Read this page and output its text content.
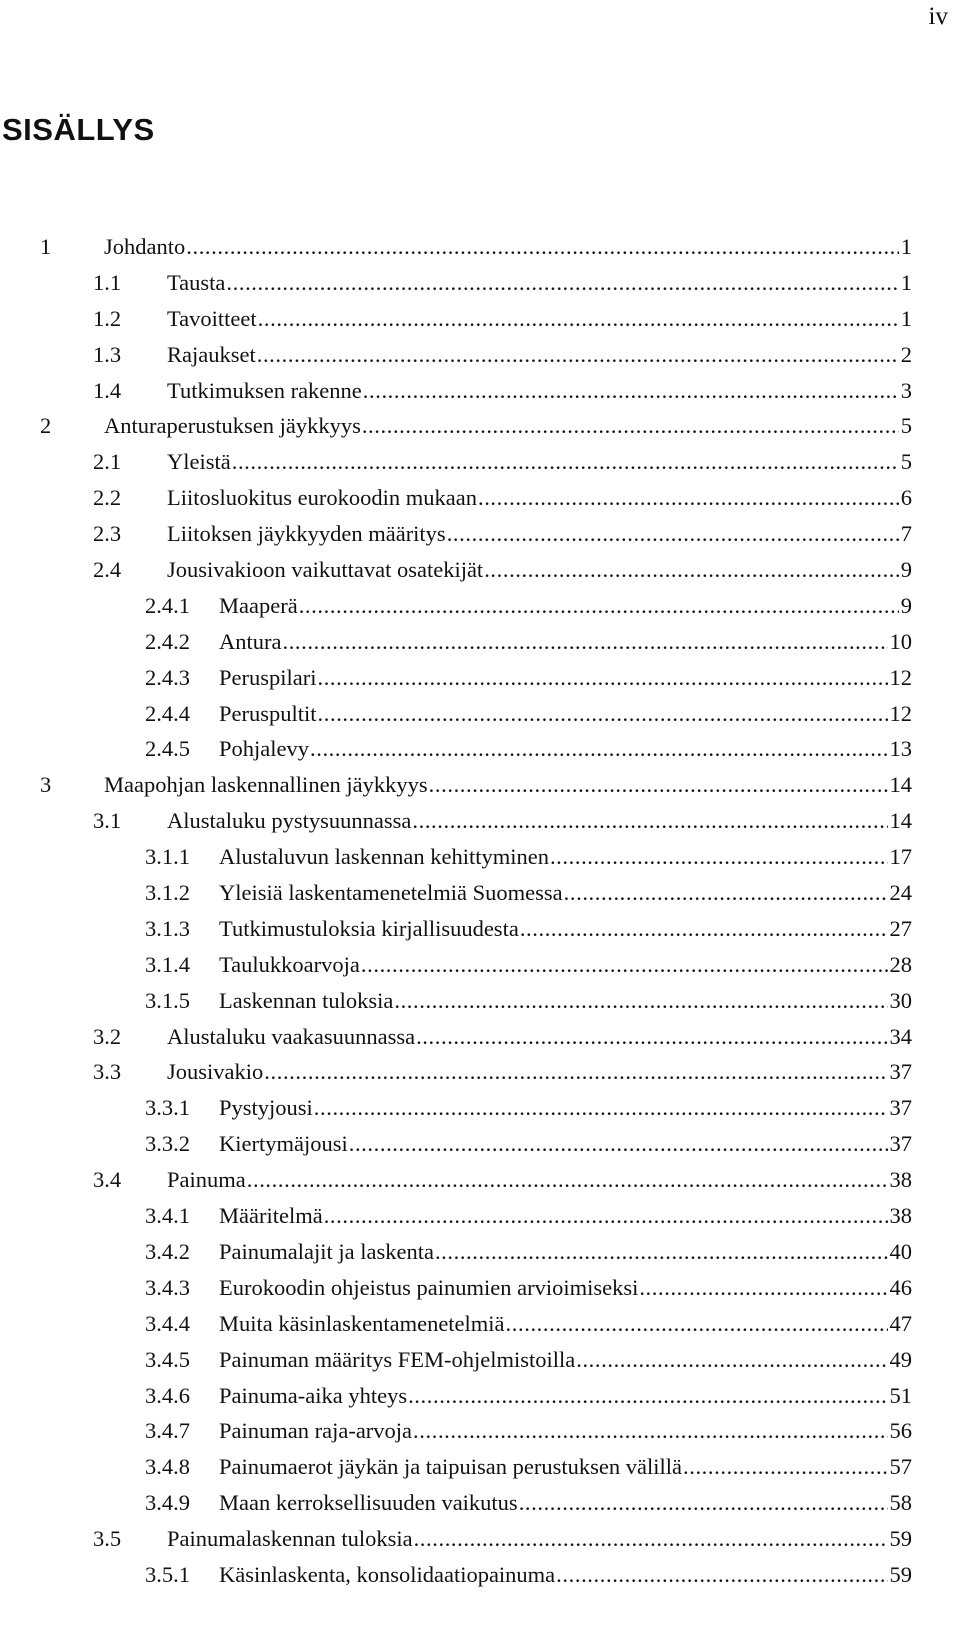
iv
SISÄLLYS
1 Johdanto .....	1
1.1 Tausta .....	1
1.2 Tavoitteet .....	1
1.3 Rajaukset .....	2
1.4 Tutkimuksen rakenne .....	3
2 Anturaperustuksen jäykkyys .....	5
2.1 Yleistä .....	5
2.2 Liitosluokitus eurokoodin mukaan .....	6
2.3 Liitoksen jäykkyyden määritys .....	7
2.4 Jousivakioon vaikuttavat osatekijät .....	9
2.4.1 Maaperä .....	9
2.4.2 Antura .....	10
2.4.3 Peruspilari .....	12
2.4.4 Peruspultit .....	12
2.4.5 Pohjalevy .....	13
3 Maapohjan laskennallinen jäykkyys .....	14
3.1 Alustaluku pystysuunnassa .....	14
3.1.1 Alustaluvun laskennan kehittyminen .....	17
3.1.2 Yleisiä laskentamenetelmiä Suomessa .....	24
3.1.3 Tutkimustuloksia kirjallisuudesta .....	27
3.1.4 Taulukkoarvoja .....	28
3.1.5 Laskennan tuloksia .....	30
3.2 Alustaluku vaakasuunnassa .....	34
3.3 Jousivakio .....	37
3.3.1 Pystyjousi .....	37
3.3.2 Kiertymäjousi .....	37
3.4 Painuma .....	38
3.4.1 Määritelmä .....	38
3.4.2 Painumalajit ja laskenta .....	40
3.4.3 Eurokoodin ohjeistus painumien arvioimiseksi .....	46
3.4.4 Muita käsinlaskentamenetelmiä .....	47
3.4.5 Painuman määritys FEM-ohjelmistoilla .....	49
3.4.6 Painuma-aika yhteys .....	51
3.4.7 Painuman raja-arvoja .....	56
3.4.8 Painumaerot jäykän ja taipuisan perustuksen välillä .....	57
3.4.9 Maan kerroksellisuuden vaikutus .....	58
3.5 Painumalaskennan tuloksia .....	59
3.5.1 Käsinlaskenta, konsolidaatiopainuma .....	59
